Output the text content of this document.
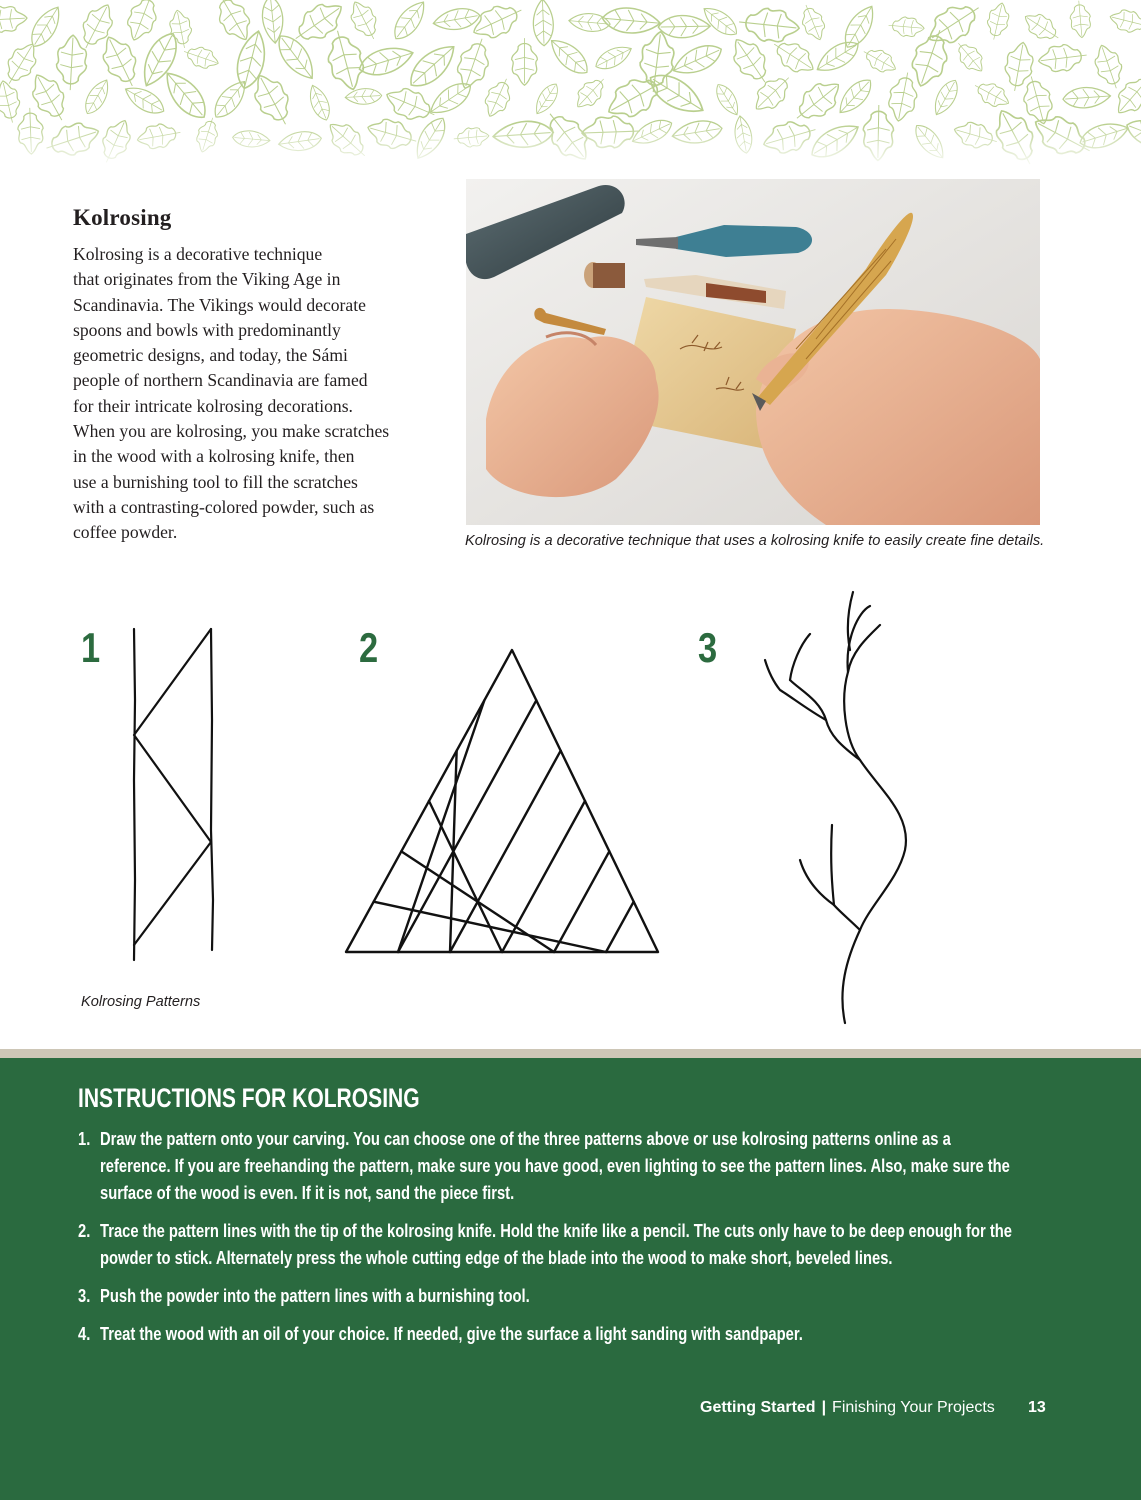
Kolrosing
Kolrosing is a decorative technique
that originates from the Viking Age in
Scandinavia. The Vikings would decorate
spoons and bowls with predominantly
geometric designs, and today, the Sámi
people of northern Scandinavia are famed
for their intricate kolrosing decorations.
When you are kolrosing, you make scratches
in the wood with a kolrosing knife, then
use a burnishing tool to fill the scratches
with a contrasting-colored powder, such as
coffee powder.	Kolrosing is a decorative technique that uses a kolrosing knife to easily create fine details.
1	2	3
Kolrosing Patterns
INSTRUCTIONS FOR KOLROSING
1. Draw the pattern onto your carving. You can choose one of the three patterns above or use kolrosing patterns online as a
reference. If you are freehanding the pattern, make sure you have good, even lighting to see the pattern lines. Also, make sure the
surface of the wood is even. If it is not, sand the piece first.
2. Trace the pattern lines with the tip of the kolrosing knife. Hold the knife like a pencil. The cuts only have to be deep enough for the
powder to stick. Alternately press the whole cutting edge of the blade into the wood to make short, beveled lines.
3. Push the powder into the pattern lines with a burnishing tool.
4. Treat the wood with an oil of your choice. If needed, give the surface a light sanding with sandpaper.
Getting Started | Finishing Your Projects 13
